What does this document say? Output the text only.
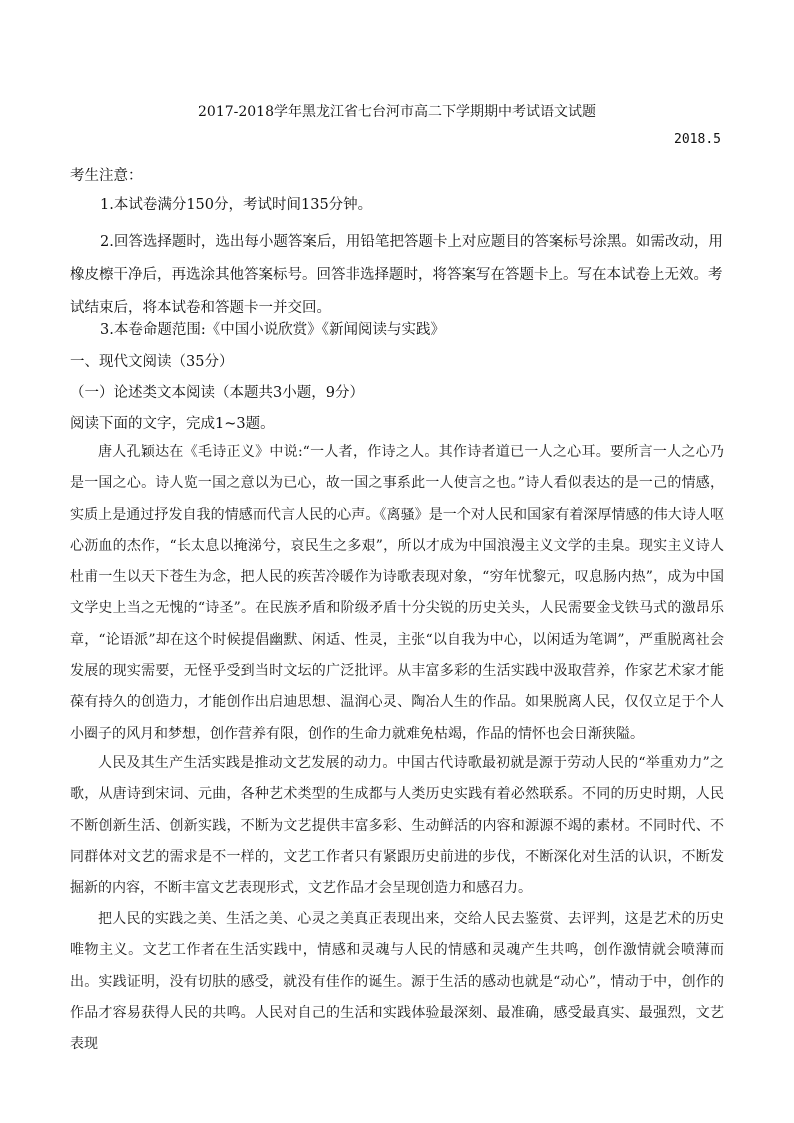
2017-2018学年黑龙江省七台河市高二下学期期中考试语文试题
2018.5
考生注意：
1.本试卷满分150分，考试时间135分钟。
2.回答选择题时，选出每小题答案后，用铅笔把答题卡上对应题目的答案标号涂黑。如需改动，用橡皮檫干净后，再选涂其他答案标号。回答非选择题时，将答案写在答题卡上。写在本试卷上无效。考试结束后，将本试卷和答题卡一并交回。
3.本卷命题范围:《中国小说欣赏》《新闻阅读与实践》
一、现代文阅读（35分）
（一）论述类文本阅读（本题共3小题，9分）
阅读下面的文字，完成1~3题。
唐人孔颖达在《毛诗正义》中说:“一人者，作诗之人。其作诗者道已一人之心耳。要所言一人之心乃是一国之心。诗人览一国之意以为已心，故一国之事系此一人使言之也。”诗人看似表达的是一己的情感，实质上是通过抒发自我的情感而代言人民的心声。《离骚》是一个对人民和国家有着深厚情感的伟大诗人呕心沥血的杰作，“长太息以掩涕兮，哀民生之多艰”，所以才成为中国浪漫主义文学的圭臬。现实主义诗人杜甫一生以天下苍生为念，把人民的疾苦冷暖作为诗歌表现对象，“穷年忧黎元，叹息肠内热”，成为中国文学史上当之无愧的“诗圣”。在民族矛盾和阶级矛盾十分尖锐的历史关头，人民需要金戈铁马式的激昂乐章，“论语派”却在这个时候提倡幽默、闲适、性灵，主张“以自我为中心，以闲适为笔调”，严重脱离社会发展的现实需要，无怪乎受到当时文坛的广泛批评。从丰富多彩的生活实践中汲取营养，作家艺术家才能葆有持久的创造力，才能创作出启迪思想、温润心灵、陶冶人生的作品。如果脱离人民，仅仅立足于个人小圈子的风月和梦想，创作营养有限，创作的生命力就难免枯竭，作品的情怀也会日渐狭隘。
人民及其生产生活实践是推动文艺发展的动力。中国古代诗歌最初就是源于劳动人民的“举重劝力”之歌，从唐诗到宋词、元曲，各种艺术类型的生成都与人类历史实践有着必然联系。不同的历史时期，人民不断创新生活、创新实践，不断为文艺提供丰富多彩、生动鲜活的内容和源源不竭的素材。不同时代、不同群体对文艺的需求是不一样的，文艺工作者只有紧跟历史前进的步伐，不断深化对生活的认识，不断发掘新的内容，不断丰富文艺表现形式，文艺作品才会呈现创造力和感召力。
把人民的实践之美、生活之美、心灵之美真正表现出来，交给人民去鉴赏、去评判，这是艺术的历史唯物主义。文艺工作者在生活实践中，情感和灵魂与人民的情感和灵魂产生共鸣，创作激情就会喷薄而出。实践证明，没有切肤的感受，就没有佳作的诞生。源于生活的感动也就是“动心”，情动于中，创作的作品才容易获得人民的共鸣。人民对自己的生活和实践体验最深刻、最准确，感受最真实、最强烈，文艺表现
